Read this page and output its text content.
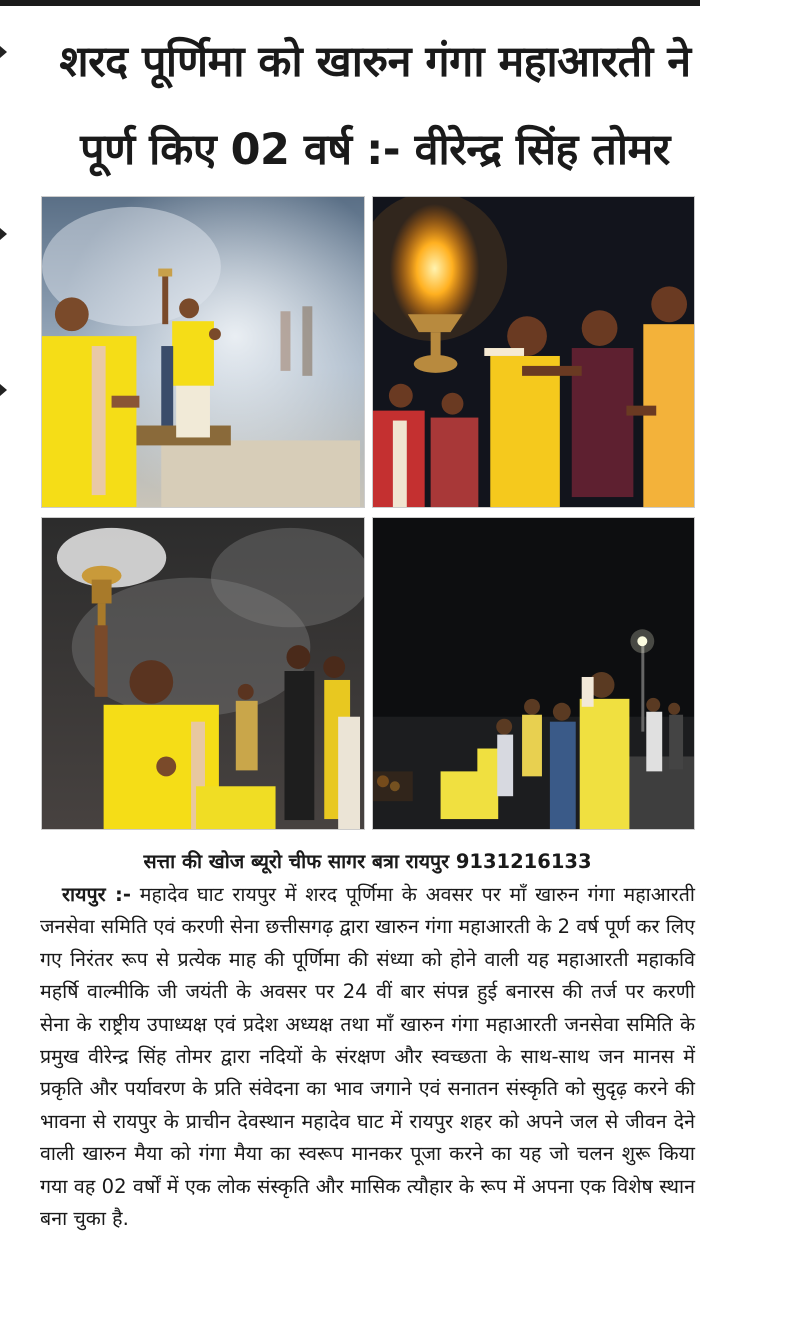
शरद पूर्णिमा को खारुन गंगा महाआरती ने पूर्ण किए 02 वर्ष :- वीरेन्द्र सिंह तोमर

सत्ता की खोज ब्यूरो चीफ सागर बत्रा रायपुर 9131216133

रायपुर :- महादेव घाट रायपुर में शरद पूर्णिमा के अवसर पर माँ खारुन गंगा महाआरती जनसेवा समिति एवं करणी सेना छत्तीसगढ़ द्वारा खारुन गंगा महाआरती के 2 वर्ष पूर्ण कर लिए गए निरंतर रूप से प्रत्येक माह की पूर्णिमा की संध्या को होने वाली यह महाआरती महाकवि महर्षि वाल्मीकि जी जयंती के अवसर पर 24 वीं बार संपन्न हुई बनारस की तर्ज पर करणी सेना के राष्ट्रीय उपाध्यक्ष एवं प्रदेश अध्यक्ष तथा माँ खारुन गंगा महाआरती जनसेवा समिति के प्रमुख वीरेन्द्र सिंह तोमर द्वारा नदियों के संरक्षण और स्वच्छता के साथ-साथ जन मानस में प्रकृति और पर्यावरण के प्रति संवेदना का भाव जगाने एवं सनातन संस्कृति को सुदृढ़ करने की भावना से रायपुर के प्राचीन देवस्थान महादेव घाट में रायपुर शहर को अपने जल से जीवन देने वाली खारुन मैया को गंगा मैया का स्वरूप मानकर पूजा करने का यह जो चलन शुरू किया गया वह 02 वर्षों में एक लोक संस्कृति और मासिक त्यौहार के रूप में अपना एक विशेष स्थान बना चुका है.
